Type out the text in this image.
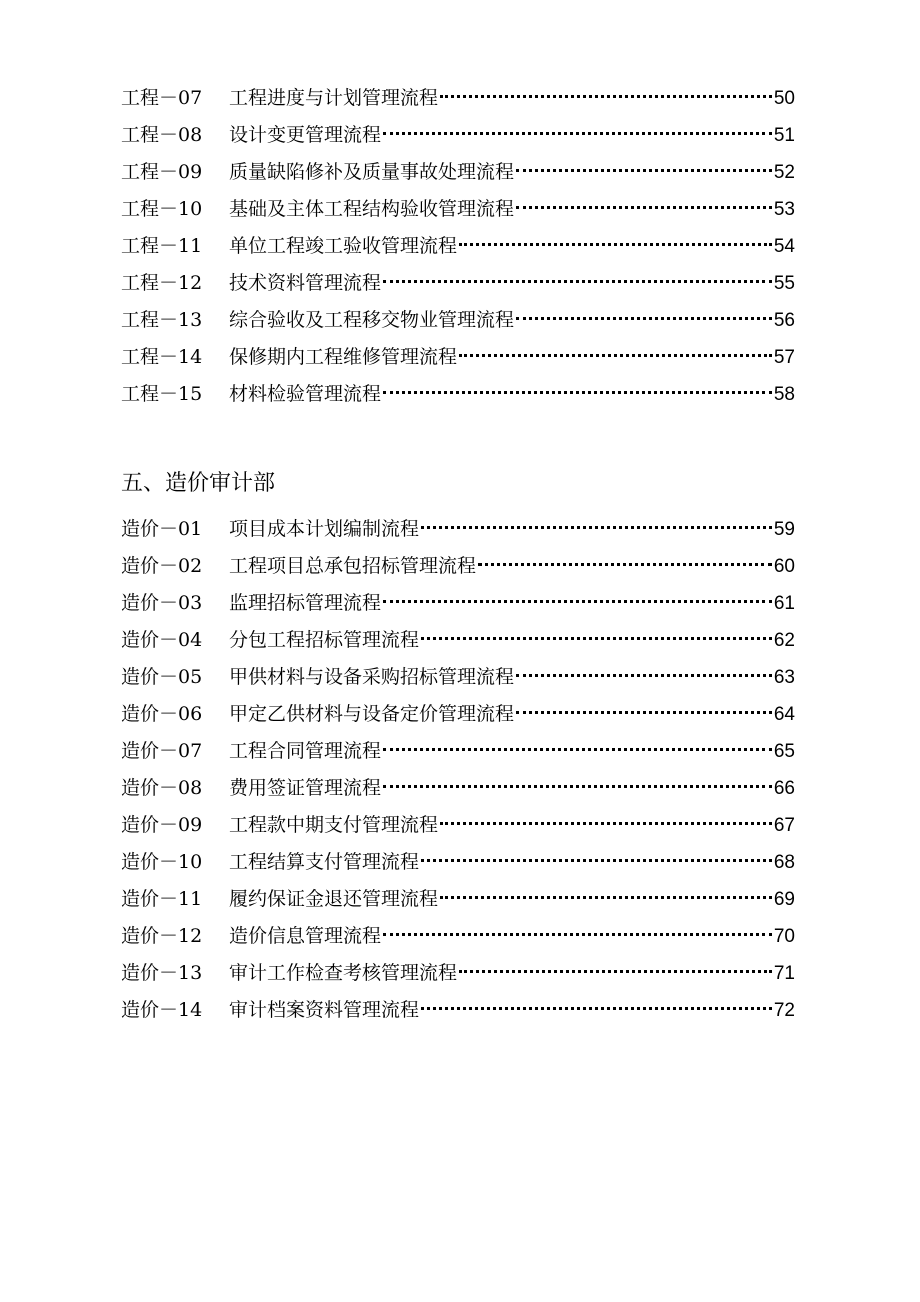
工程－07	工程进度与计划管理流程	50
工程－08	设计变更管理流程	51
工程－09	质量缺陷修补及质量事故处理流程	52
工程－10	基础及主体工程结构验收管理流程	53
工程－11	单位工程竣工验收管理流程	54
工程－12	技术资料管理流程	55
工程－13	综合验收及工程移交物业管理流程	56
工程－14	保修期内工程维修管理流程	57
工程－15	材料检验管理流程	58
五、造价审计部
造价－01	项目成本计划编制流程	59
造价－02	工程项目总承包招标管理流程	60
造价－03	监理招标管理流程	61
造价－04	分包工程招标管理流程	62
造价－05	甲供材料与设备采购招标管理流程	63
造价－06	甲定乙供材料与设备定价管理流程	64
造价－07	工程合同管理流程	65
造价－08	费用签证管理流程	66
造价－09	工程款中期支付管理流程	67
造价－10	工程结算支付管理流程	68
造价－11	履约保证金退还管理流程	69
造价－12	造价信息管理流程	70
造价－13	审计工作检查考核管理流程	71
造价－14	审计档案资料管理流程	72
